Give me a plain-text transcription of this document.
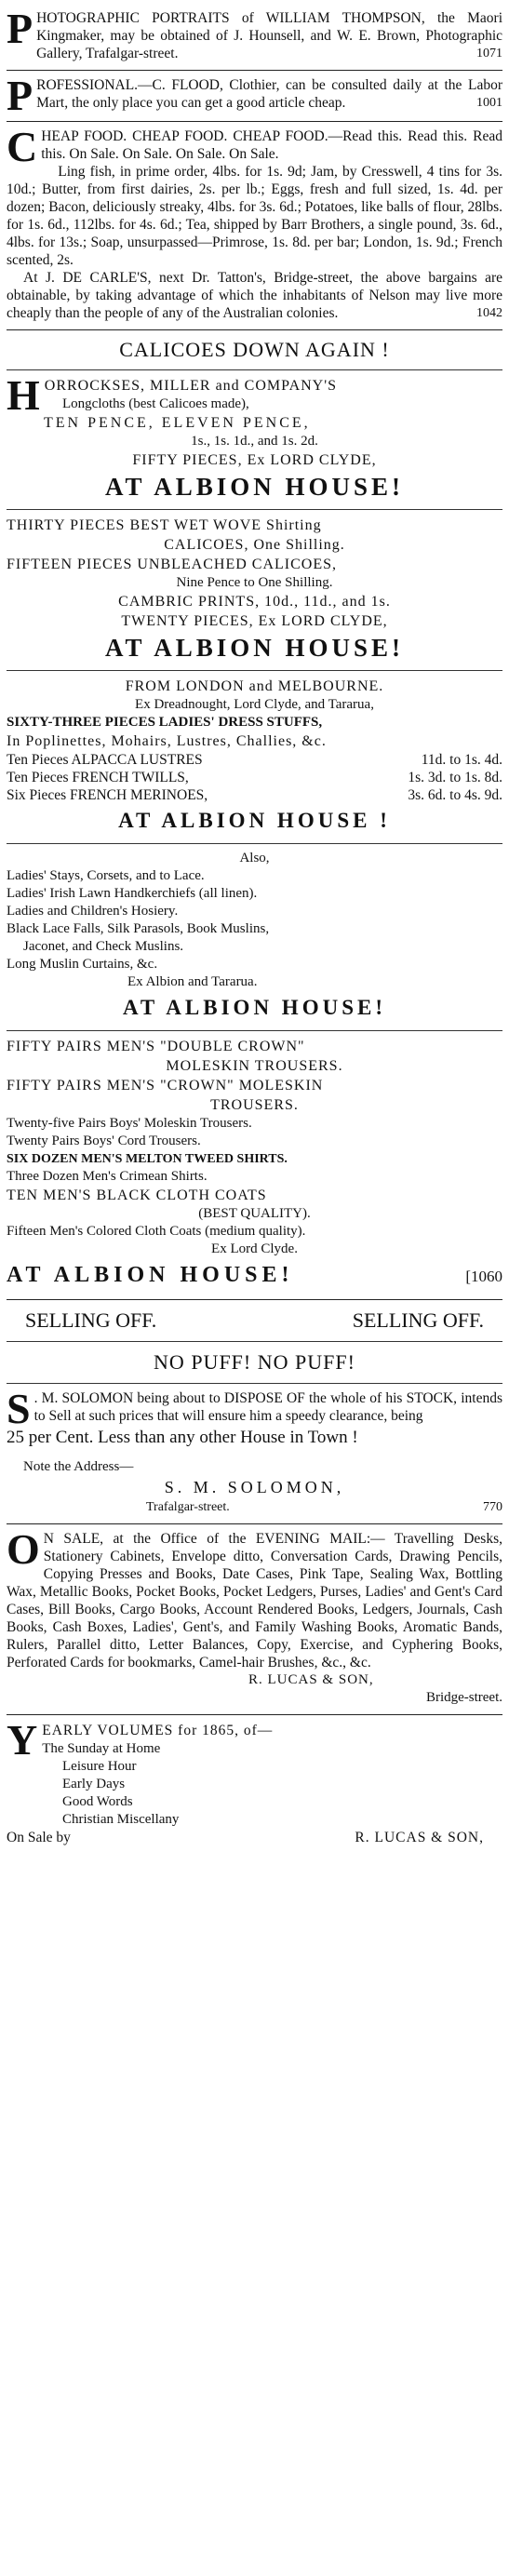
P HOTOGRAPHIC PORTRAITS of WILLIAM THOMPSON, the Maori Kingmaker, may be obtained of J. Hounsell, and W. E. Brown, Photographic Gallery, Trafalgar-street.	1071

P ROFESSIONAL.—C. FLOOD, Clothier, can be consulted daily at the Labor Mart, the only place you can get a good article cheap.	1001

C HEAP FOOD. CHEAP FOOD. CHEAP FOOD.—Read this. Read this. Read this. On Sale. On Sale. On Sale. On Sale.

Ling fish, in prime order, 4lbs. for 1s. 9d; Jam, by Cresswell, 4 tins for 3s. 10d.; Butter, from first dairies, 2s. per lb.; Eggs, fresh and full sized, 1s. 4d. per dozen; Bacon, deliciously streaky, 4lbs. for 3s. 6d.; Potatoes, like balls of flour, 28lbs. for 1s. 6d., 112lbs. for 4s. 6d.; Tea, shipped by Barr Brothers, a single pound, 3s. 6d., 4lbs. for 13s.; Soap, unsurpassed—Primrose, 1s. 8d. per bar; London, 1s. 9d.; French scented, 2s.

At J. DE CARLE'S, next Dr. Tatton's, Bridge-street, the above bargains are obtainable, by taking advantage of which the inhabitants of Nelson may live more cheaply than the people of any of the Australian colonies.	1042

CALICOES DOWN AGAIN !

H ORROCKSES, MILLER and COMPANY'S

Longcloths (best Calicoes made),

TEN PENCE, ELEVEN PENCE,

1s., 1s. 1d., and 1s. 2d.

FIFTY PIECES, Ex LORD CLYDE,

AT ALBION HOUSE!

THIRTY PIECES BEST WET WOVE Shirting

CALICOES, One Shilling.

FIFTEEN PIECES UNBLEACHED CALICOES,

Nine Pence to One Shilling.

CAMBRIC PRINTS, 10d., 11d., and 1s.

TWENTY PIECES, Ex LORD CLYDE,

AT ALBION HOUSE!

FROM LONDON and MELBOURNE.

Ex Dreadnought, Lord Clyde, and Tararua,

SIXTY-THREE PIECES LADIES' DRESS STUFFS,

In Poplinettes, Mohairs, Lustres, Challies, &c.

Ten Pieces ALPACCA LUSTRES	11d. to 1s. 4d.
Ten Pieces FRENCH TWILLS,	1s. 3d. to 1s. 8d.
Six Pieces FRENCH MERINOES,	3s. 6d. to 4s. 9d.

AT ALBION HOUSE !

Also,

Ladies' Stays, Corsets, and to Lace.

Ladies' Irish Lawn Handkerchiefs (all linen).

Ladies and Children's Hosiery.

Black Lace Falls, Silk Parasols, Book Muslins,

Jaconet, and Check Muslins.

Long Muslin Curtains, &c.

Ex Albion and Tararua.

AT ALBION HOUSE!

FIFTY PAIRS MEN'S "DOUBLE CROWN"

MOLESKIN TROUSERS.

FIFTY PAIRS MEN'S "CROWN" MOLESKIN

TROUSERS.

Twenty-five Pairs Boys' Moleskin Trousers.

Twenty Pairs Boys' Cord Trousers.

SIX DOZEN MEN'S MELTON TWEED SHIRTS.

Three Dozen Men's Crimean Shirts.

TEN MEN'S BLACK CLOTH COATS

(BEST QUALITY).

Fifteen Men's Colored Cloth Coats (medium quality).

Ex Lord Clyde.

AT ALBION HOUSE!	[1060
SELLING OFF.	SELLING OFF.

NO PUFF! NO PUFF!

S . M. SOLOMON being about to DISPOSE OF the whole of his STOCK, intends to Sell at such prices that will ensure him a speedy clearance, being

25 per Cent. Less than any other House in Town !

Note the Address—

S. M. SOLOMON,

Trafalgar-street.	770

O N SALE, at the Office of the EVENING MAIL:— Travelling Desks, Stationery Cabinets, Envelope ditto, Conversation Cards, Drawing Pencils, Copying Presses and Books, Date Cases, Pink Tape, Sealing Wax, Bottling Wax, Metallic Books, Pocket Books, Pocket Ledgers, Purses, Ladies' and Gent's Card Cases, Bill Books, Cargo Books, Account Rendered Books, Ledgers, Journals, Cash Books, Cash Boxes, Ladies', Gent's, and Family Washing Books, Aromatic Bands, Rulers, Parallel ditto, Letter Balances, Copy, Exercise, and Cyphering Books, Perforated Cards for bookmarks, Camel-hair Brushes, &c., &c.

R. LUCAS & SON,

Bridge-street.

Y EARLY VOLUMES for 1865, of—

The Sunday at Home

Leisure Hour

Early Days

Good Words

Christian Miscellany

On Sale by	R. LUCAS & SON,
